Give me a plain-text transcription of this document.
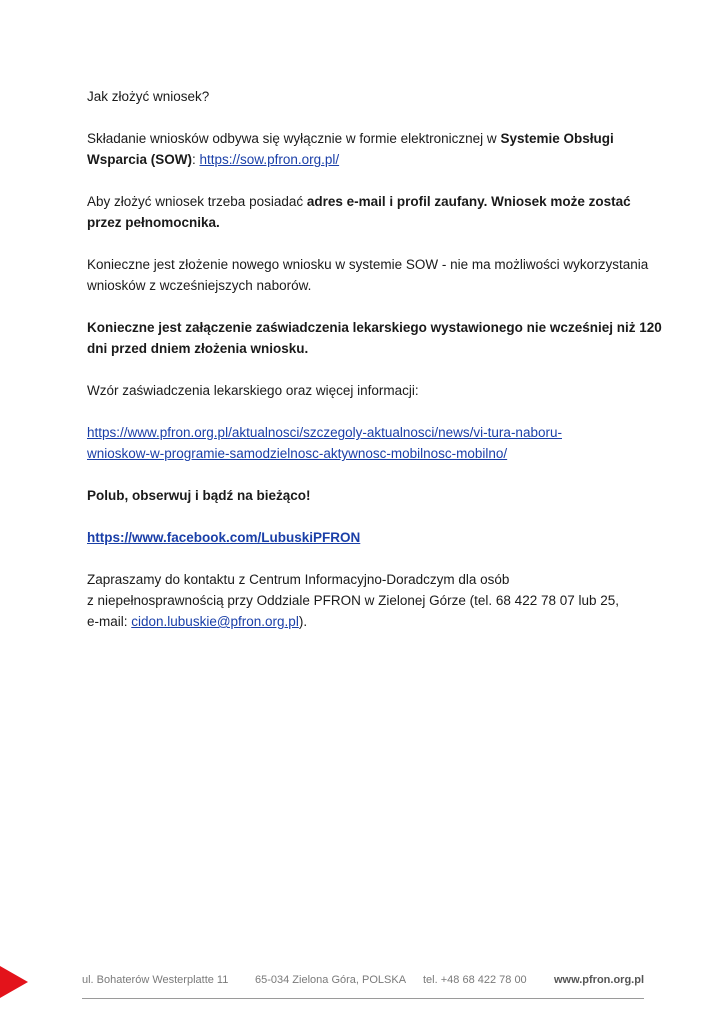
Jak złożyć wniosek?

Składanie wniosków odbywa się wyłącznie w formie elektronicznej w Systemie Obsługi
Wsparcia (SOW): https://sow.pfron.org.pl/

Aby złożyć wniosek trzeba posiadać adres e-mail i profil zaufany. Wniosek może zostać
przez pełnomocnika.

Konieczne jest złożenie nowego wniosku w systemie SOW - nie ma możliwości wykorzystania
wniosków z wcześniejszych naborów.

Konieczne jest załączenie zaświadczenia lekarskiego wystawionego nie wcześniej niż 120
dni przed dniem złożenia wniosku.

Wzór zaświadczenia lekarskiego oraz więcej informacji:

https://www.pfron.org.pl/aktualnosci/szczegoly-aktualnosci/news/vi-tura-naboru-
wnioskow-w-programie-samodzielnosc-aktywnosc-mobilnosc-mobilno/

Polub, obserwuj i bądź na bieżąco!

https://www.facebook.com/LubuskiPFRON

Zapraszamy do kontaktu z Centrum Informacyjno-Doradczym dla osób
z niepełnosprawnością przy Oddziale PFRON w Zielonej Górze (tel. 68 422 78 07 lub 25,
e-mail: cidon.lubuskie@pfron.org.pl).

ul. Bohaterów Westerplatte 11 65-034 Zielona Góra, POLSKA tel. +48 68 422 78 00 www.pfron.org.pl
